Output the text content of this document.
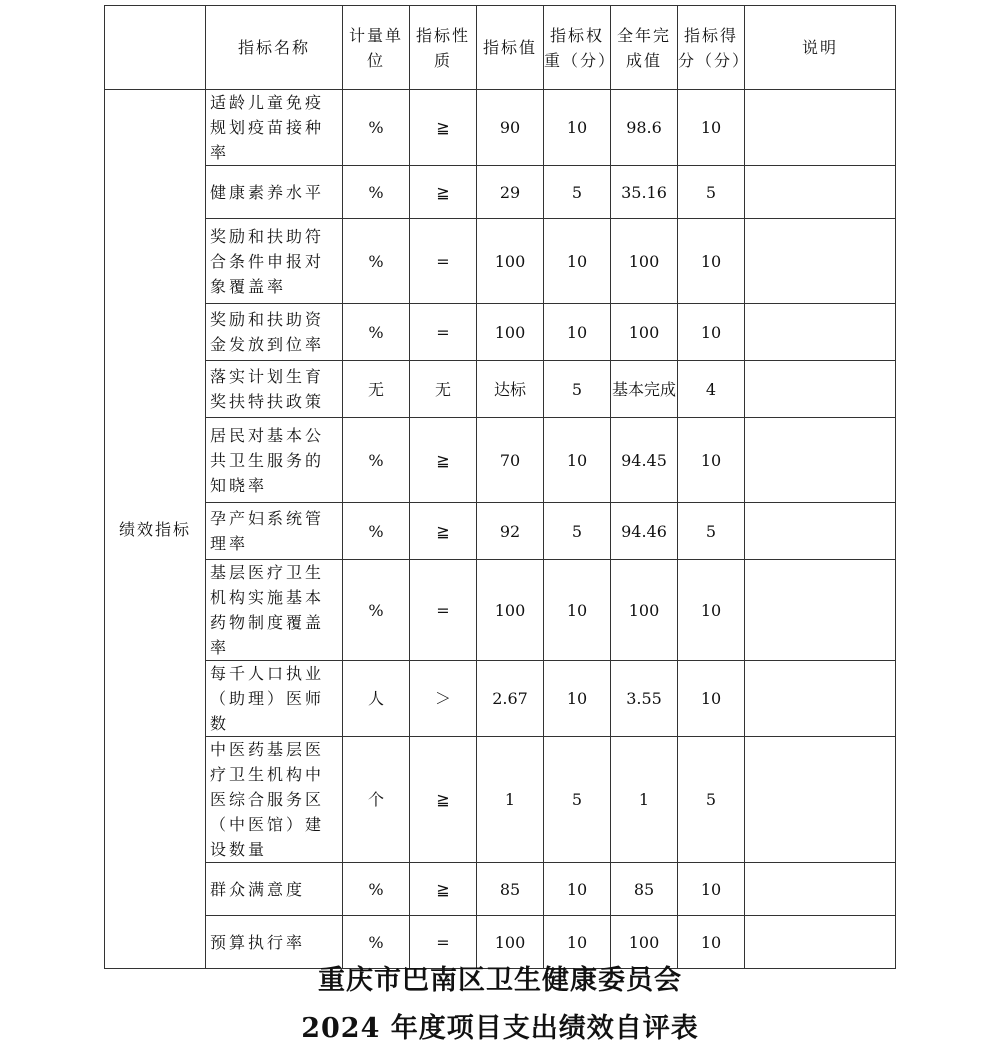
	指标名称	计量单位	指标性质	指标值	指标权重（分）	全年完成值	指标得分（分）	说明
绩效指标	适龄儿童免疫规划疫苗接种率	%	≧	90	10	98.6	10	
	健康素养水平	%	≧	29	5	35.16	5	
	奖励和扶助符合条件申报对象覆盖率	%	=	100	10	100	10	
	奖励和扶助资金发放到位率	%	=	100	10	100	10	
	落实计划生育奖扶特扶政策	无	无	达标	5	基本完成	4	
	居民对基本公共卫生服务的知晓率	%	≧	70	10	94.45	10	
	孕产妇系统管理率	%	≧	92	5	94.46	5	
	基层医疗卫生机构实施基本药物制度覆盖率	%	=	100	10	100	10	
	每千人口执业（助理）医师数	人	＞	2.67	10	3.55	10	
	中医药基层医疗卫生机构中医综合服务区（中医馆）建设数量	个	≧	1	5	1	5	
	群众满意度	%	≧	85	10	85	10	
	预算执行率	%	=	100	10	100	10	
重庆市巴南区卫生健康委员会
2024 年度项目支出绩效自评表
